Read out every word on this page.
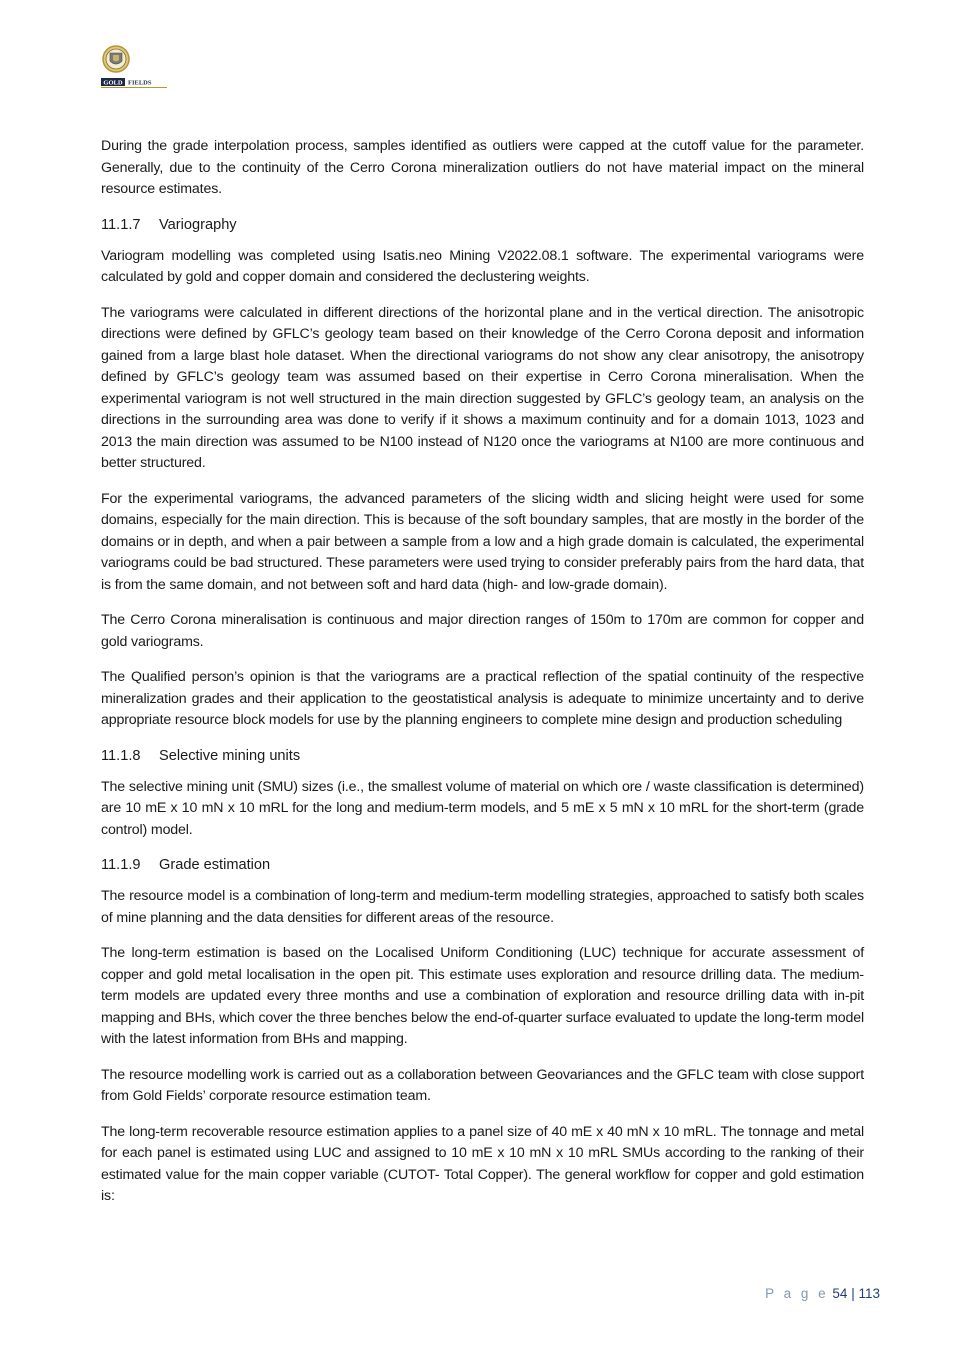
GOLD FIELDS

During the grade interpolation process, samples identified as outliers were capped at the cutoff value for the parameter. Generally, due to the continuity of the Cerro Corona mineralization outliers do not have material impact on the mineral resource estimates.

11.1.7 Variography

Variogram modelling was completed using Isatis.neo Mining V2022.08.1 software. The experimental variograms were calculated by gold and copper domain and considered the declustering weights.

The variograms were calculated in different directions of the horizontal plane and in the vertical direction. The anisotropic directions were defined by GFLC’s geology team based on their knowledge of the Cerro Corona deposit and information gained from a large blast hole dataset. When the directional variograms do not show any clear anisotropy, the anisotropy defined by GFLC’s geology team was assumed based on their expertise in Cerro Corona mineralisation. When the experimental variogram is not well structured in the main direction suggested by GFLC’s geology team, an analysis on the directions in the surrounding area was done to verify if it shows a maximum continuity and for a domain 1013, 1023 and 2013 the main direction was assumed to be N100 instead of N120 once the variograms at N100 are more continuous and better structured.

For the experimental variograms, the advanced parameters of the slicing width and slicing height were used for some domains, especially for the main direction. This is because of the soft boundary samples, that are mostly in the border of the domains or in depth, and when a pair between a sample from a low and a high grade domain is calculated, the experimental variograms could be bad structured. These parameters were used trying to consider preferably pairs from the hard data, that is from the same domain, and not between soft and hard data (high- and low-grade domain).

The Cerro Corona mineralisation is continuous and major direction ranges of 150m to 170m are common for copper and gold variograms.

The Qualified person’s opinion is that the variograms are a practical reflection of the spatial continuity of the respective mineralization grades and their application to the geostatistical analysis is adequate to minimize uncertainty and to derive appropriate resource block models for use by the planning engineers to complete mine design and production scheduling

11.1.8 Selective mining units

The selective mining unit (SMU) sizes (i.e., the smallest volume of material on which ore / waste classification is determined) are 10 mE x 10 mN x 10 mRL for the long and medium-term models, and 5 mE x 5 mN x 10 mRL for the short-term (grade control) model.

11.1.9 Grade estimation

The resource model is a combination of long-term and medium-term modelling strategies, approached to satisfy both scales of mine planning and the data densities for different areas of the resource.

The long-term estimation is based on the Localised Uniform Conditioning (LUC) technique for accurate assessment of copper and gold metal localisation in the open pit. This estimate uses exploration and resource drilling data. The medium-term models are updated every three months and use a combination of exploration and resource drilling data with in-pit mapping and BHs, which cover the three benches below the end-of-quarter surface evaluated to update the long-term model with the latest information from BHs and mapping.

The resource modelling work is carried out as a collaboration between Geovariances and the GFLC team with close support from Gold Fields’ corporate resource estimation team.

The long-term recoverable resource estimation applies to a panel size of 40 mE x 40 mN x 10 mRL. The tonnage and metal for each panel is estimated using LUC and assigned to 10 mE x 10 mN x 10 mRL SMUs according to the ranking of their estimated value for the main copper variable (CUTOT- Total Copper). The general workflow for copper and gold estimation is:

P a g e 54 | 113
